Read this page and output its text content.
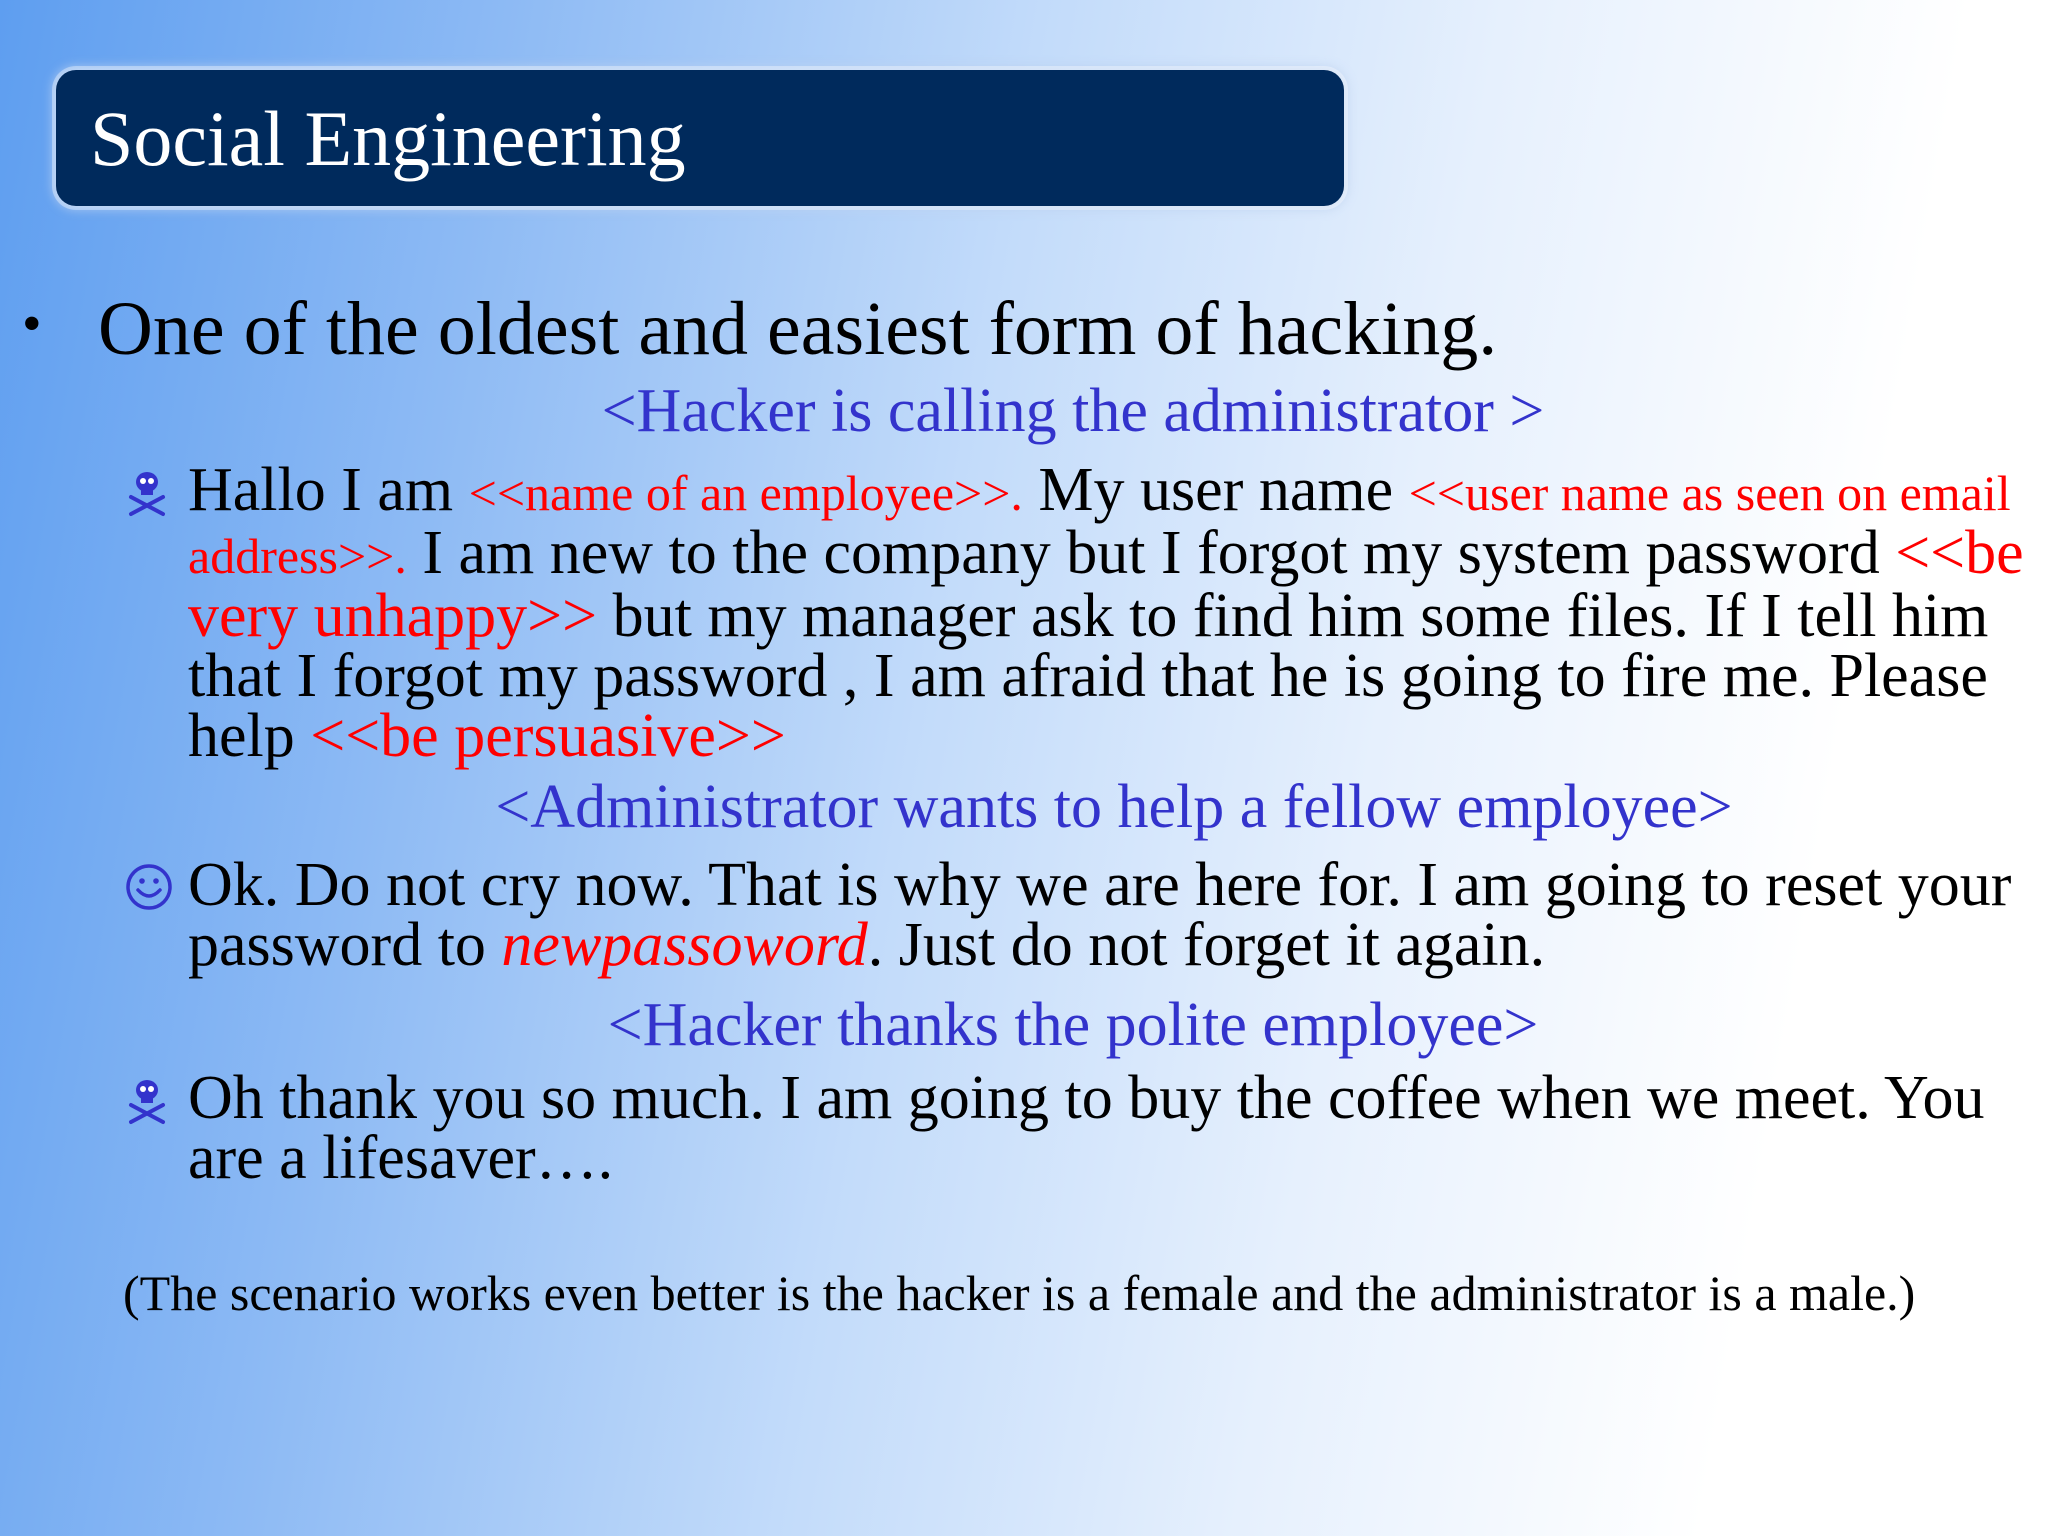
Social Engineering
• One of the oldest and easiest form of hacking.
<Hacker is calling the administrator >
Hallo I am <<name of an employee>>. My user name <<user name as seen on email address>>. I am new to the company but I forgot my system password <<be very unhappy>> but my manager ask to find him some files. If I tell him that I forgot my password , I am afraid that he is going to fire me. Please help <<be persuasive>>
<Administrator wants to help a fellow employee>
Ok. Do not cry now. That is why we are here for. I am going to reset your password to newpassoword. Just do not forget it again.
<Hacker thanks the polite employee>
Oh thank you so much. I am going to buy the coffee when we meet. You are a lifesaver….
(The scenario works even better is the hacker is a female and the administrator is a male.)
